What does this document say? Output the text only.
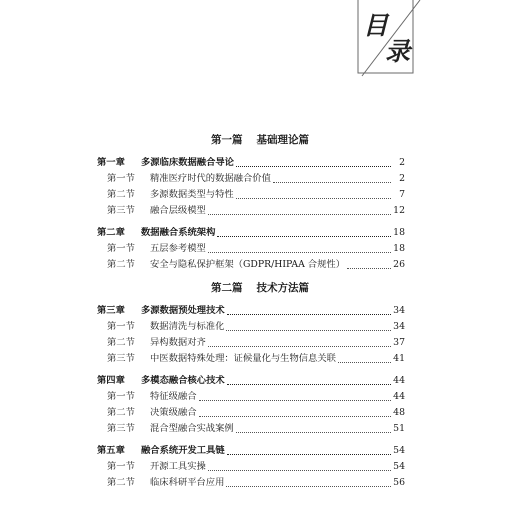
目
录
第一篇 基础理论篇
第一章	多源临床数据融合导论	2
第一节	精准医疗时代的数据融合价值	2
第二节	多源数据类型与特性	7
第三节	融合层级模型	12
第二章	数据融合系统架构	18
第一节	五层参考模型	18
第二节	安全与隐私保护框架（GDPR/HIPAA 合规性）	26
第二篇 技术方法篇
第三章	多源数据预处理技术	34
第一节	数据清洗与标准化	34
第二节	异构数据对齐	37
第三节	中医数据特殊处理：证候量化与生物信息关联	41
第四章	多模态融合核心技术	44
第一节	特征级融合	44
第二节	决策级融合	48
第三节	混合型融合实战案例	51
第五章	融合系统开发工具链	54
第一节	开源工具实操	54
第二节	临床科研平台应用	56
